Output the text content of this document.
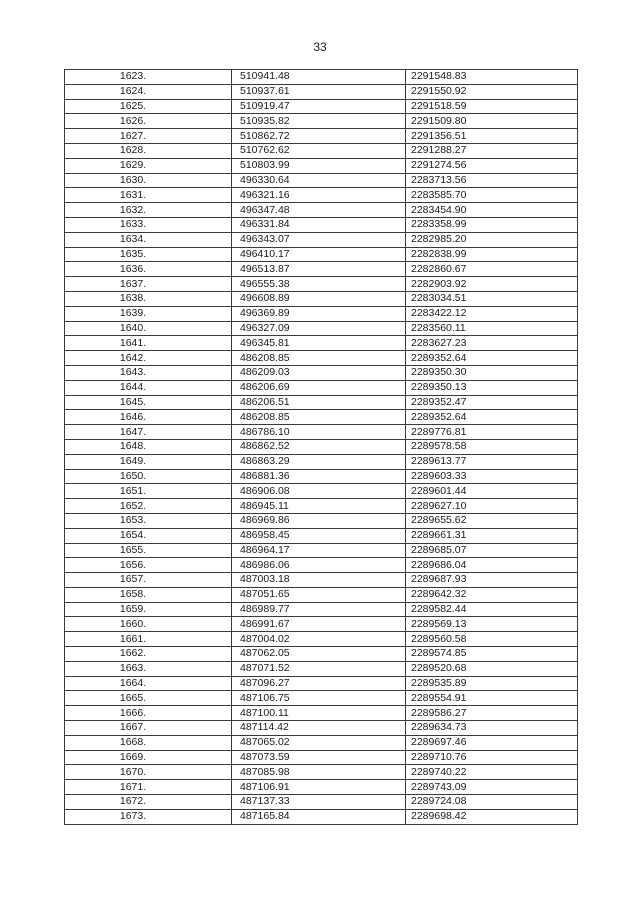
33
1623.	510941.48	2291548.83
1624.	510937.61	2291550.92
1625.	510919.47	2291518.59
1626.	510935.82	2291509.80
1627.	510862.72	2291356.51
1628.	510762.62	2291288.27
1629.	510803.99	2291274.56
1630.	496330.64	2283713.56
1631.	496321.16	2283585.70
1632.	496347.48	2283454.90
1633.	496331.84	2283358.99
1634.	496343.07	2282985.20
1635.	496410.17	2282838.99
1636.	496513.87	2282860.67
1637.	496555.38	2282903.92
1638.	496608.89	2283034.51
1639.	496369.89	2283422.12
1640.	496327.09	2283560.11
1641.	496345.81	2283627.23
1642.	486208.85	2289352.64
1643.	486209.03	2289350.30
1644.	486206.69	2289350.13
1645.	486206.51	2289352.47
1646.	486208.85	2289352.64
1647.	486786.10	2289776.81
1648.	486862.52	2289578.58
1649.	486863.29	2289613.77
1650.	486881.36	2289603.33
1651.	486906.08	2289601.44
1652.	486945.11	2289627.10
1653.	486969.86	2289655.62
1654.	486958.45	2289661.31
1655.	486964.17	2289685.07
1656.	486986.06	2289686.04
1657.	487003.18	2289687.93
1658.	487051.65	2289642.32
1659.	486989.77	2289582.44
1660.	486991.67	2289569.13
1661.	487004.02	2289560.58
1662.	487062.05	2289574.85
1663.	487071.52	2289520.68
1664.	487096.27	2289535.89
1665.	487106.75	2289554.91
1666.	487100.11	2289586.27
1667.	487114.42	2289634.73
1668.	487065.02	2289697.46
1669.	487073.59	2289710.76
1670.	487085.98	2289740.22
1671.	487106.91	2289743.09
1672.	487137.33	2289724.08
1673.	487165.84	2289698.42
